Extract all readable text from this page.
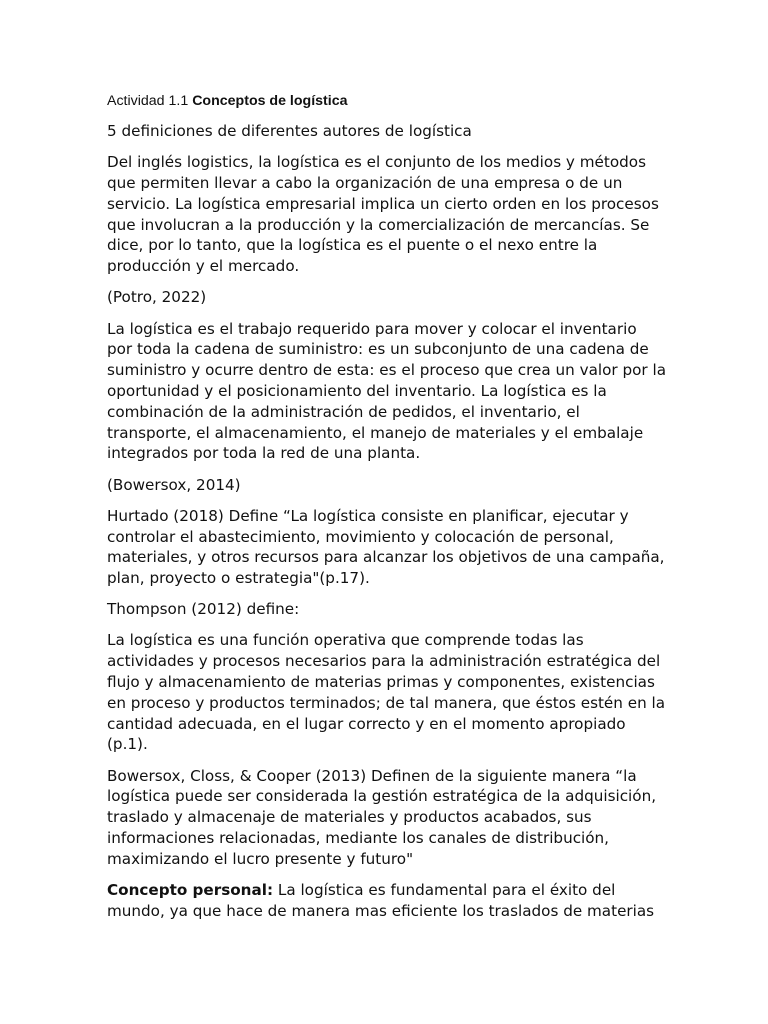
Actividad 1.1 Conceptos de logística

5 definiciones de diferentes autores de logística

Del inglés logistics, la logística es el conjunto de los medios y métodos que permiten llevar a cabo la organización de una empresa o de un servicio. La logística empresarial implica un cierto orden en los procesos que involucran a la producción y la comercialización de mercancías. Se dice, por lo tanto, que la logística es el puente o el nexo entre la producción y el mercado.

(Potro, 2022)

La logística es el trabajo requerido para mover y colocar el inventario por toda la cadena de suministro: es un subconjunto de una cadena de suministro y ocurre dentro de esta: es el proceso que crea un valor por la oportunidad y el posicionamiento del inventario. La logística es la combinación de la administración de pedidos, el inventario, el transporte, el almacenamiento, el manejo de materiales y el embalaje integrados por toda la red de una planta.

(Bowersox, 2014)

Hurtado (2018) Define “La logística consiste en planificar, ejecutar y controlar el abastecimiento, movimiento y colocación de personal, materiales, y otros recursos para alcanzar los objetivos de una campaña, plan, proyecto o estrategia"(p.17).

Thompson (2012) define:

La logística es una función operativa que comprende todas las actividades y procesos necesarios para la administración estratégica del flujo y almacenamiento de materias primas y componentes, existencias en proceso y productos terminados; de tal manera, que éstos estén en la cantidad adecuada, en el lugar correcto y en el momento apropiado (p.1).

Bowersox, Closs, & Cooper (2013) Definen de la siguiente manera “la logística puede ser considerada la gestión estratégica de la adquisición, traslado y almacenaje de materiales y productos acabados, sus informaciones relacionadas, mediante los canales de distribución, maximizando el lucro presente y futuro"

Concepto personal: La logística es fundamental para el éxito del mundo, ya que hace de manera mas eficiente los traslados de materias
